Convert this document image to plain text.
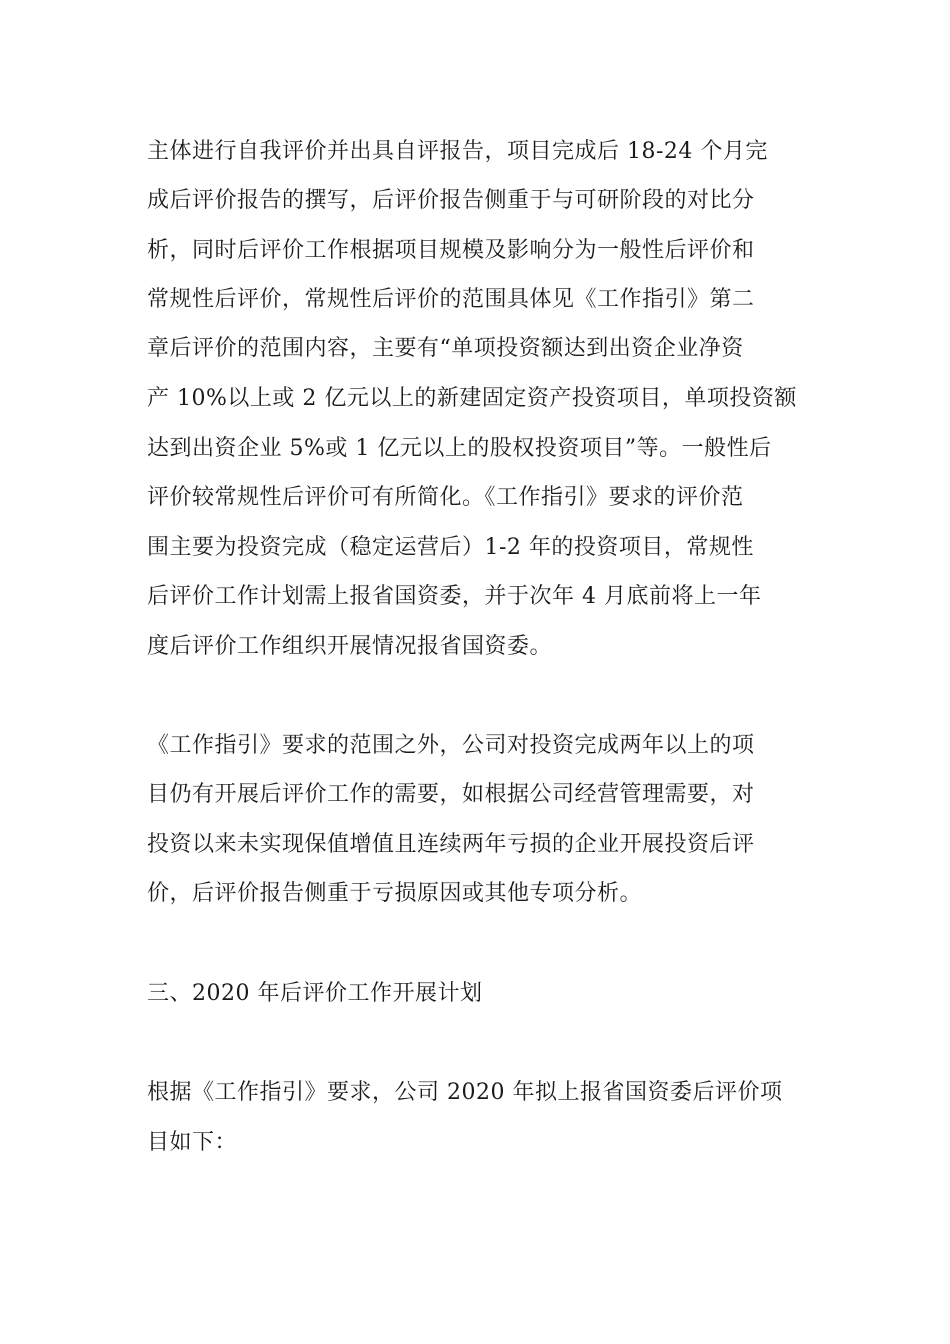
主体进行自我评价并出具自评报告，项目完成后 18-24 个月完
成后评价报告的撰写，后评价报告侧重于与可研阶段的对比分
析，同时后评价工作根据项目规模及影响分为一般性后评价和
常规性后评价，常规性后评价的范围具体见《工作指引》第二
章后评价的范围内容，主要有“单项投资额达到出资企业净资
产 10%以上或 2 亿元以上的新建固定资产投资项目，单项投资额
达到出资企业 5%或 1 亿元以上的股权投资项目”等。一般性后
评价较常规性后评价可有所简化。《工作指引》要求的评价范
围主要为投资完成（稳定运营后）1-2 年的投资项目，常规性
后评价工作计划需上报省国资委，并于次年 4 月底前将上一年
度后评价工作组织开展情况报省国资委。
《工作指引》要求的范围之外，公司对投资完成两年以上的项
目仍有开展后评价工作的需要，如根据公司经营管理需要，对
投资以来未实现保值增值且连续两年亏损的企业开展投资后评
价，后评价报告侧重于亏损原因或其他专项分析。
三、2020 年后评价工作开展计划
根据《工作指引》要求，公司 2020 年拟上报省国资委后评价项
目如下：
